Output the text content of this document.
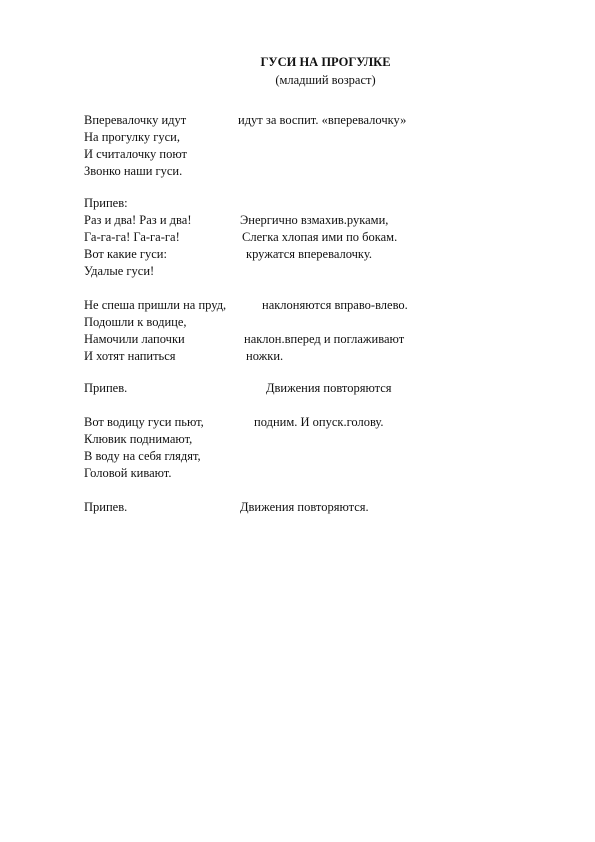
ГУСИ НА ПРОГУЛКЕ
(младший возраст)
Вперевалочку идут	идут за воспит. «вперевалочку»
На прогулку гуси,
И считалочку поют
Звонко наши гуси.
Припев:
Раз и два! Раз и два!	Энергично взмахив.руками,
Га-га-га! Га-га-га!	Слегка хлопая ими по бокам.
Вот какие гуси:	кружатся вперевалочку.
Удалые гуси!
Не спеша пришли на пруд,	наклоняются вправо-влево.
Подошли к водице,
Намочили лапочки	наклон.вперед и поглаживают
И хотят напиться	ножки.
Припев.	Движения повторяются
Вот водицу гуси пьют,	подним. И опуск.голову.
Клювик поднимают,
В воду на себя глядят,
Головой кивают.
Припев.	Движения повторяются.
